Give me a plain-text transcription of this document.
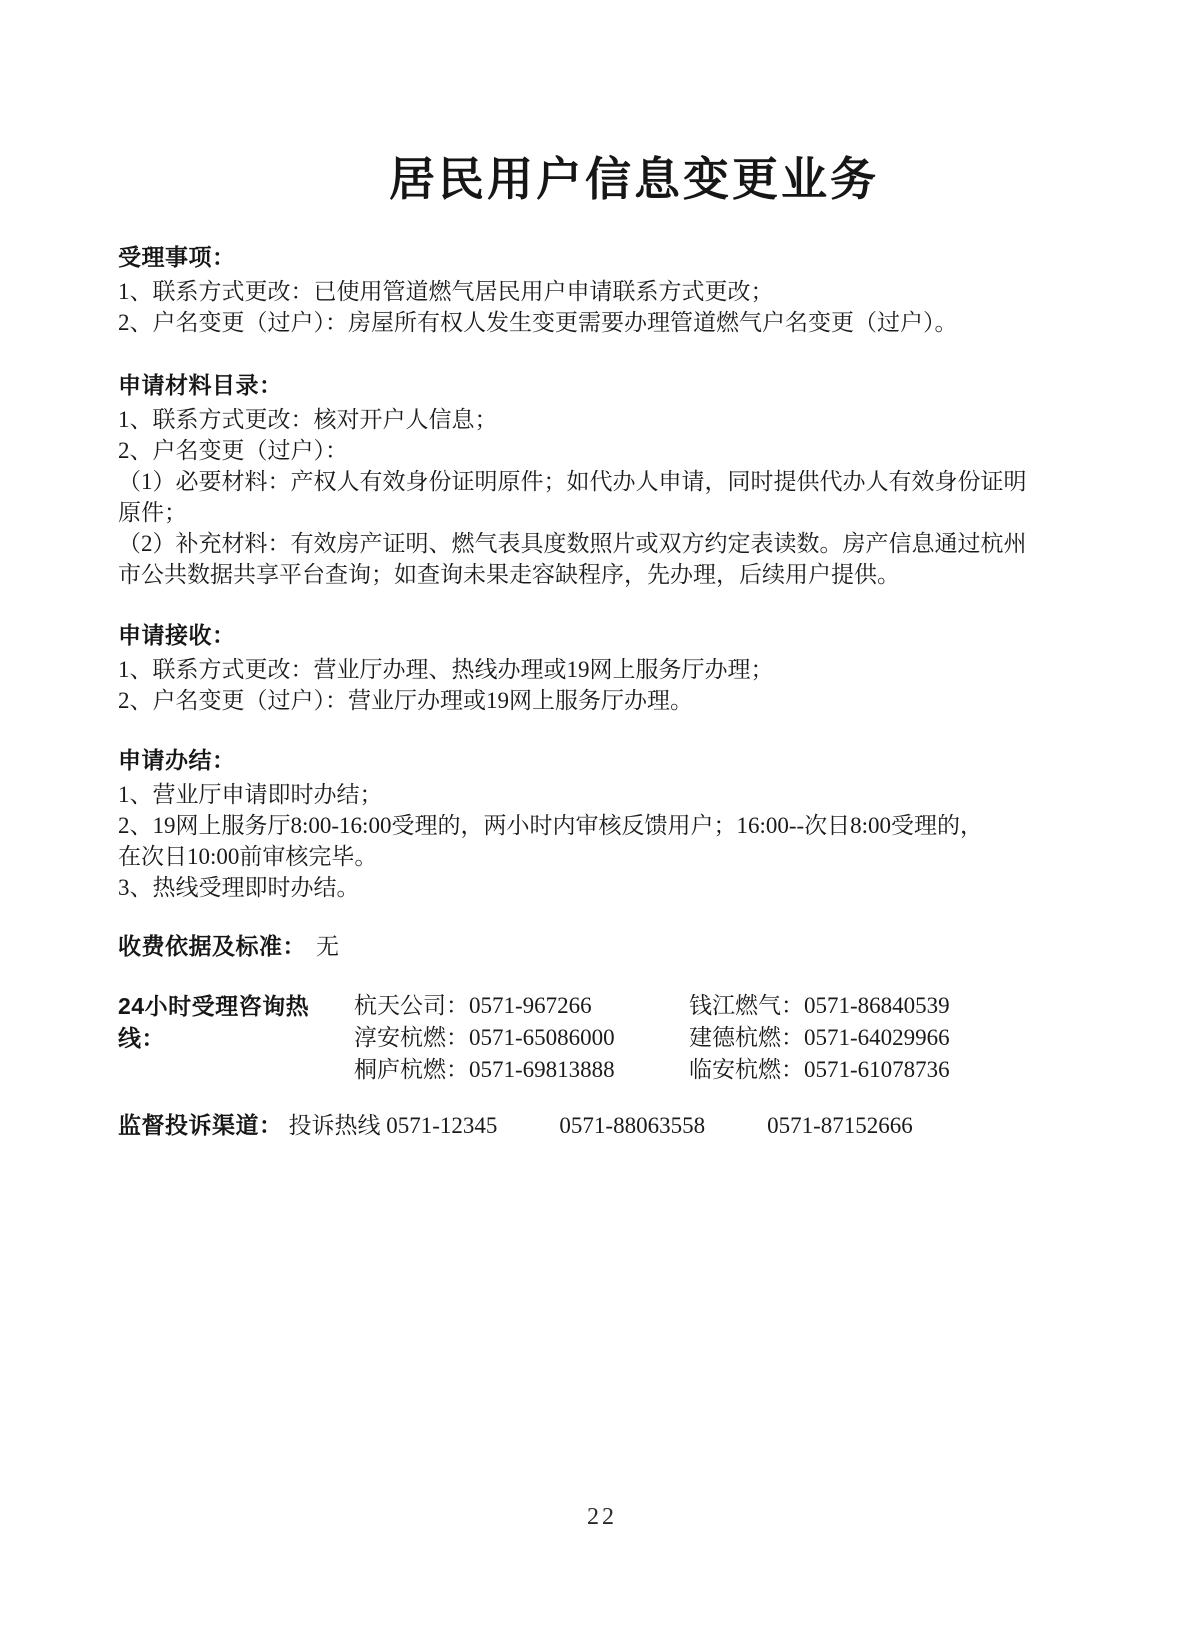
居民用户信息变更业务
受理事项：
1、联系方式更改：已使用管道燃气居民用户申请联系方式更改；
2、户名变更（过户）：房屋所有权人发生变更需要办理管道燃气户名变更（过户）。
申请材料目录：
1、联系方式更改：核对开户人信息；
2、户名变更（过户）：
（1）必要材料：产权人有效身份证明原件；如代办人申请，同时提供代办人有效身份证明
原件；
（2）补充材料：有效房产证明、燃气表具度数照片或双方约定表读数。房产信息通过杭州
市公共数据共享平台查询；如查询未果走容缺程序，先办理，后续用户提供。
申请接收：
1、联系方式更改：营业厅办理、热线办理或19网上服务厅办理；
2、户名变更（过户）：营业厅办理或19网上服务厅办理。
申请办结：
1、营业厅申请即时办结；
2、19网上服务厅8:00-16:00受理的，两小时内审核反馈用户；16:00--次日8:00受理的，
在次日10:00前审核完毕。
3、热线受理即时办结。
收费依据及标准： 无
24小时受理咨询热线：
杭天公司：0571-967266	钱江燃气：0571-86840539
淳安杭燃：0571-65086000	建德杭燃：0571-64029966
桐庐杭燃：0571-69813888	临安杭燃：0571-61078736
监督投诉渠道： 投诉热线 0571-12345	0571-88063558	0571-87152666
22
